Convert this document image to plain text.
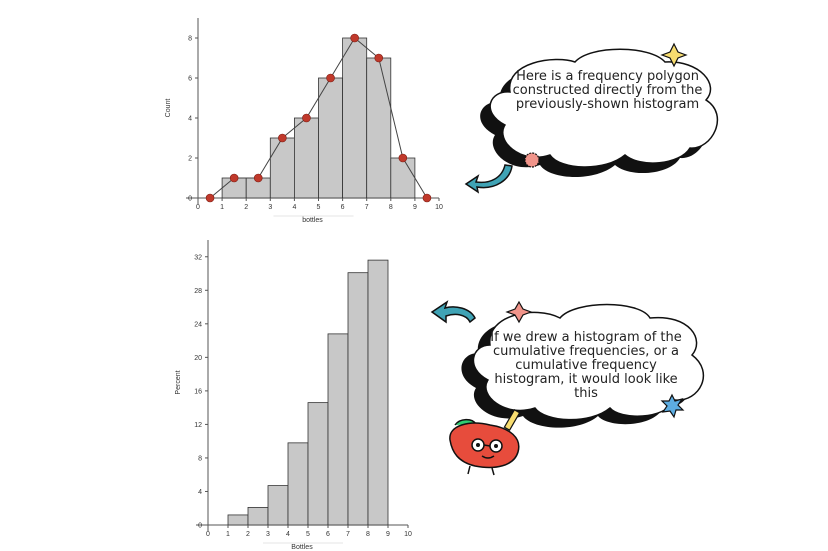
0	1	2	3	4	5	6	7	8	9	10
0
2
4
6
8
bottles
Count
0 1 2 3 4 5 6 7 8 9 10
0
4
8
12
16
20
24
28
32
Bottles
Percent
Here is a frequency polygon constructed directly from the previously-shown histogram
If we drew a histogram of the cumulative frequencies, or a cumulative frequency histogram, it would look like this
